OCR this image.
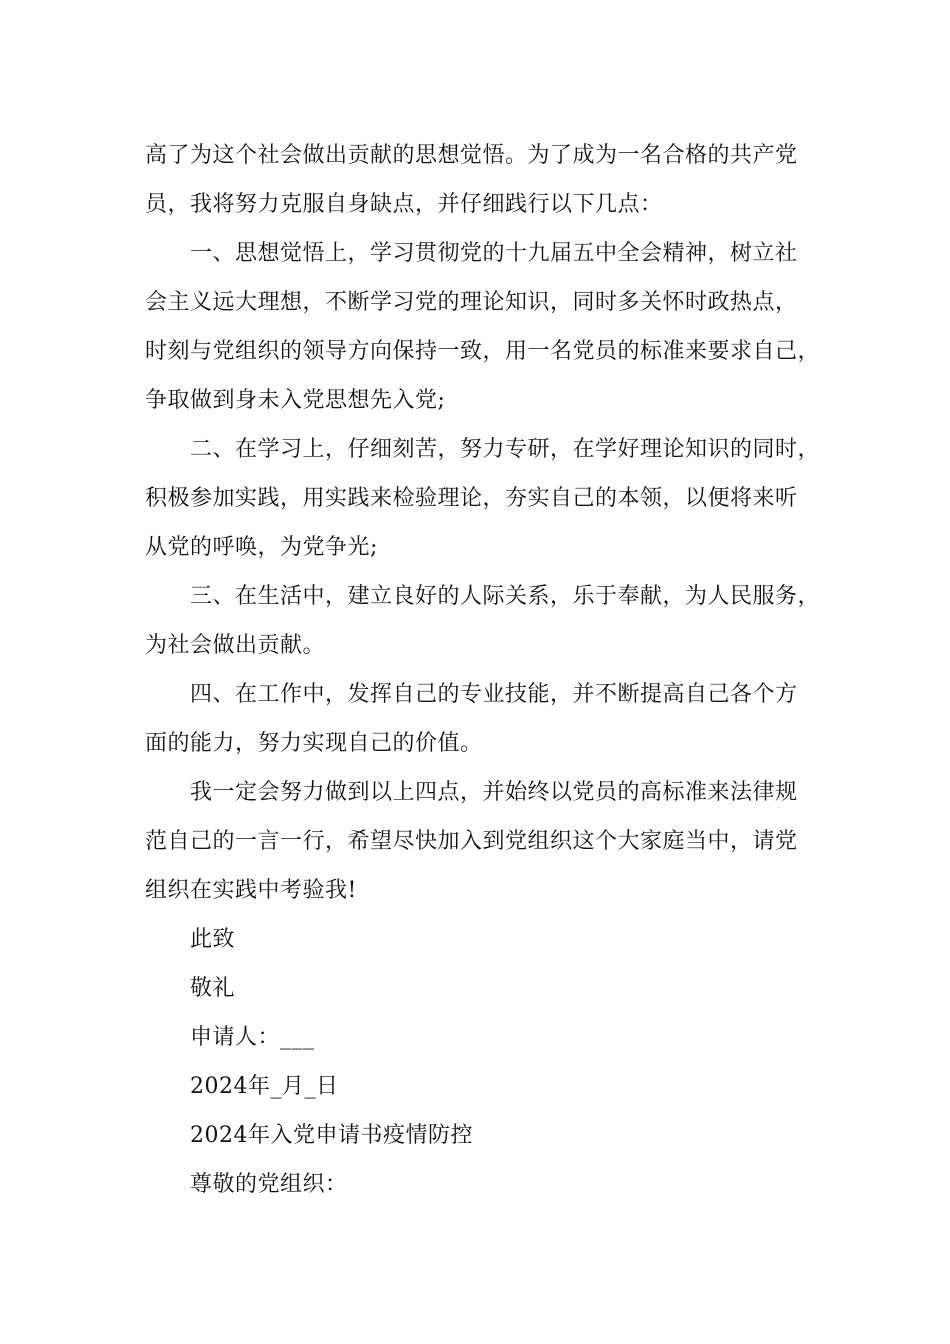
高了为这个社会做出贡献的思想觉悟。为了成为一名合格的共产党
员，我将努力克服自身缺点，并仔细践行以下几点：
一、思想觉悟上，学习贯彻党的十九届五中全会精神，树立社
会主义远大理想，不断学习党的理论知识，同时多关怀时政热点，
时刻与党组织的领导方向保持一致，用一名党员的标准来要求自己，
争取做到身未入党思想先入党;
二、在学习上，仔细刻苦，努力专研，在学好理论知识的同时，
积极参加实践，用实践来检验理论，夯实自己的本领，以便将来听
从党的呼唤，为党争光;
三、在生活中，建立良好的人际关系，乐于奉献，为人民服务，
为社会做出贡献。
四、在工作中，发挥自己的专业技能，并不断提高自己各个方
面的能力，努力实现自己的价值。
我一定会努力做到以上四点，并始终以党员的高标准来法律规
范自己的一言一行，希望尽快加入到党组织这个大家庭当中，请党
组织在实践中考验我!
此致
敬礼
申请人：___
2024年_月_日
2024年入党申请书疫情防控
尊敬的党组织：
